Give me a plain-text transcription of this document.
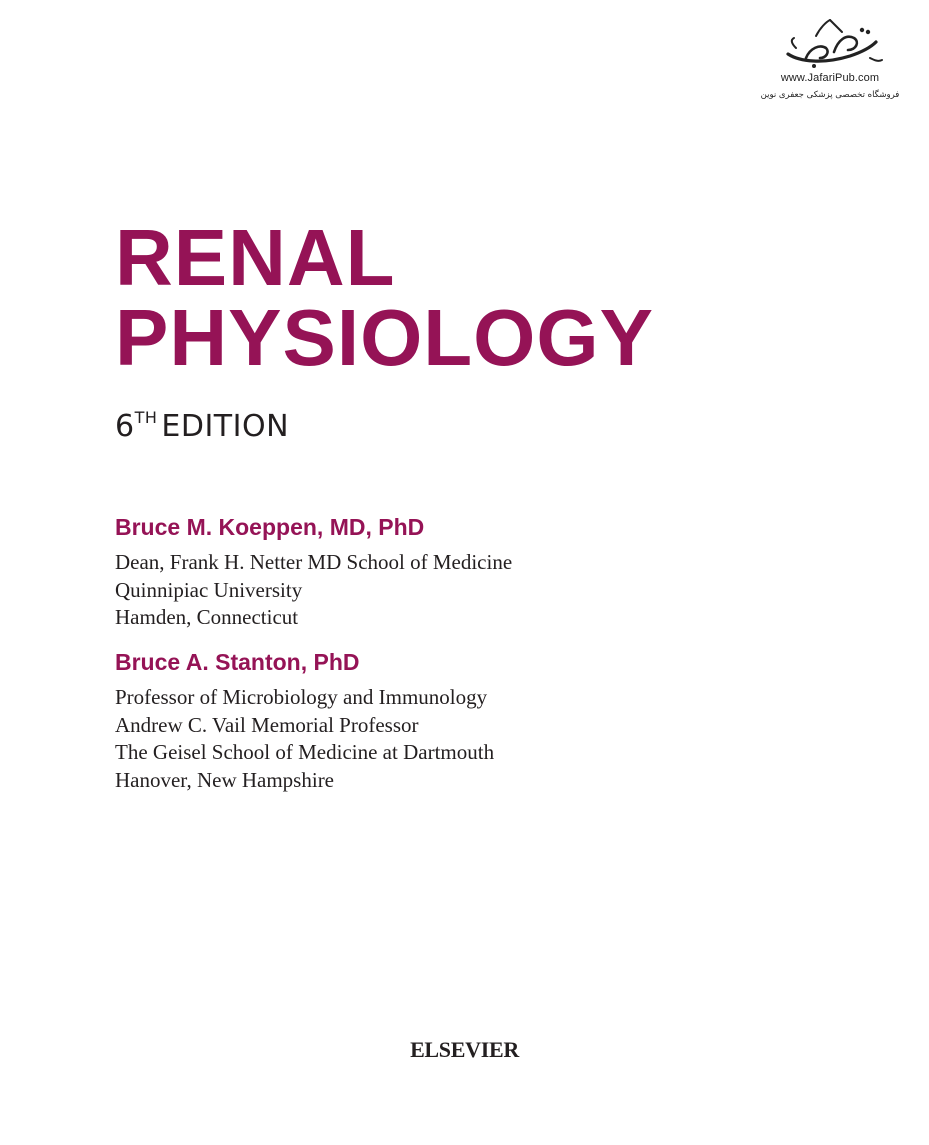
www.JafariPub.com
فروشگاه تخصصی پزشکی جعفری نوین
RENAL
PHYSIOLOGY
6TH EDITION
Bruce M. Koeppen, MD, PhD
Dean, Frank H. Netter MD School of Medicine
Quinnipiac University
Hamden, Connecticut
Bruce A. Stanton, PhD
Professor of Microbiology and Immunology
Andrew C. Vail Memorial Professor
The Geisel School of Medicine at Dartmouth
Hanover, New Hampshire
ELSEVIER
